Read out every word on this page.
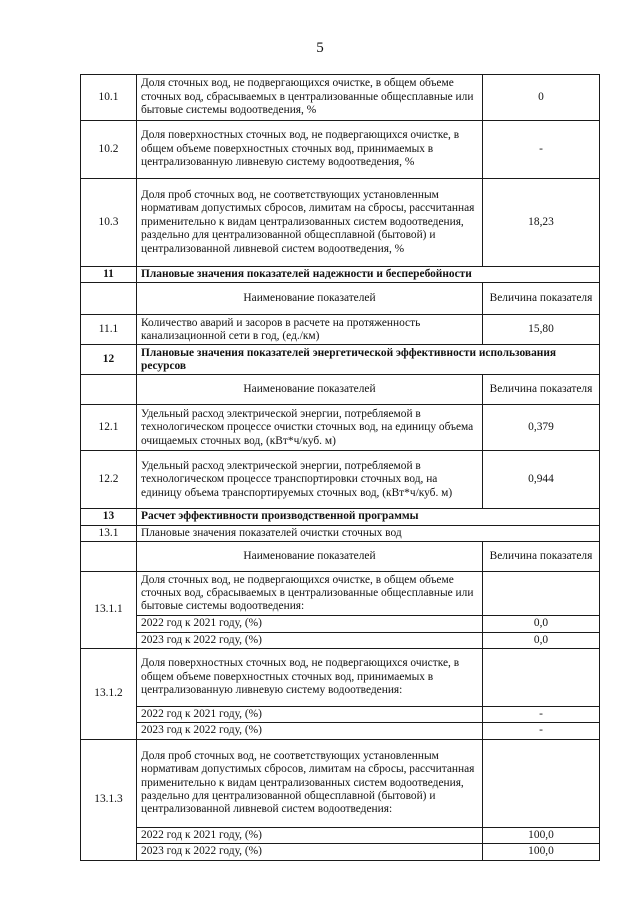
5
10.1	Доля сточных вод, не подвергающихся очистке, в общем объеме сточных вод, сбрасываемых в централизованные общесплавные или бытовые системы водоотведения, %	0
10.2	Доля поверхностных сточных вод, не подвергающихся очистке, в общем объеме поверхностных сточных вод, принимаемых в централизованную ливневую систему водоотведения, %	-
10.3	Доля проб сточных вод, не соответствующих установленным нормативам допустимых сбросов, лимитам на сбросы, рассчитанная применительно к видам централизованных систем водоотведения, раздельно для централизованной общесплавной (бытовой) и централизованной ливневой систем водоотведения, %	18,23
11	Плановые значения показателей надежности и бесперебойности	
	Наименование показателей	Величина показателя
11.1	Количество аварий и засоров в расчете на протяженность канализационной сети в год, (ед./км)	15,80
12	Плановые значения показателей энергетической эффективности использования ресурсов	
	Наименование показателей	Величина показателя
12.1	Удельный расход электрической энергии, потребляемой в технологическом процессе очистки сточных вод, на единицу объема очищаемых сточных вод, (кВт*ч/куб. м)	0,379
12.2	Удельный расход электрической энергии, потребляемой в технологическом процессе транспортировки сточных вод, на единицу объема транспортируемых сточных вод, (кВт*ч/куб. м)	0,944
13	Расчет эффективности производственной программы	
13.1	Плановые значения показателей очистки сточных вод	
	Наименование показателей	Величина показателя
13.1.1	Доля сточных вод, не подвергающихся очистке, в общем объеме сточных вод, сбрасываемых в централизованные общесплавные или бытовые системы водоотведения:	
	2022 год к 2021 году, (%)	0,0
	2023 год к 2022 году, (%)	0,0
13.1.2	Доля поверхностных сточных вод, не подвергающихся очистке, в общем объеме поверхностных сточных вод, принимаемых в централизованную ливневую систему водоотведения:	
	2022 год к 2021 году, (%)	-
	2023 год к 2022 году, (%)	-
13.1.3	Доля проб сточных вод, не соответствующих установленным нормативам допустимых сбросов, лимитам на сбросы, рассчитанная применительно к видам централизованных систем водоотведения, раздельно для централизованной общесплавной (бытовой) и централизованной ливневой систем водоотведения:	
	2022 год к 2021 году, (%)	100,0
	2023 год к 2022 году, (%)	100,0
